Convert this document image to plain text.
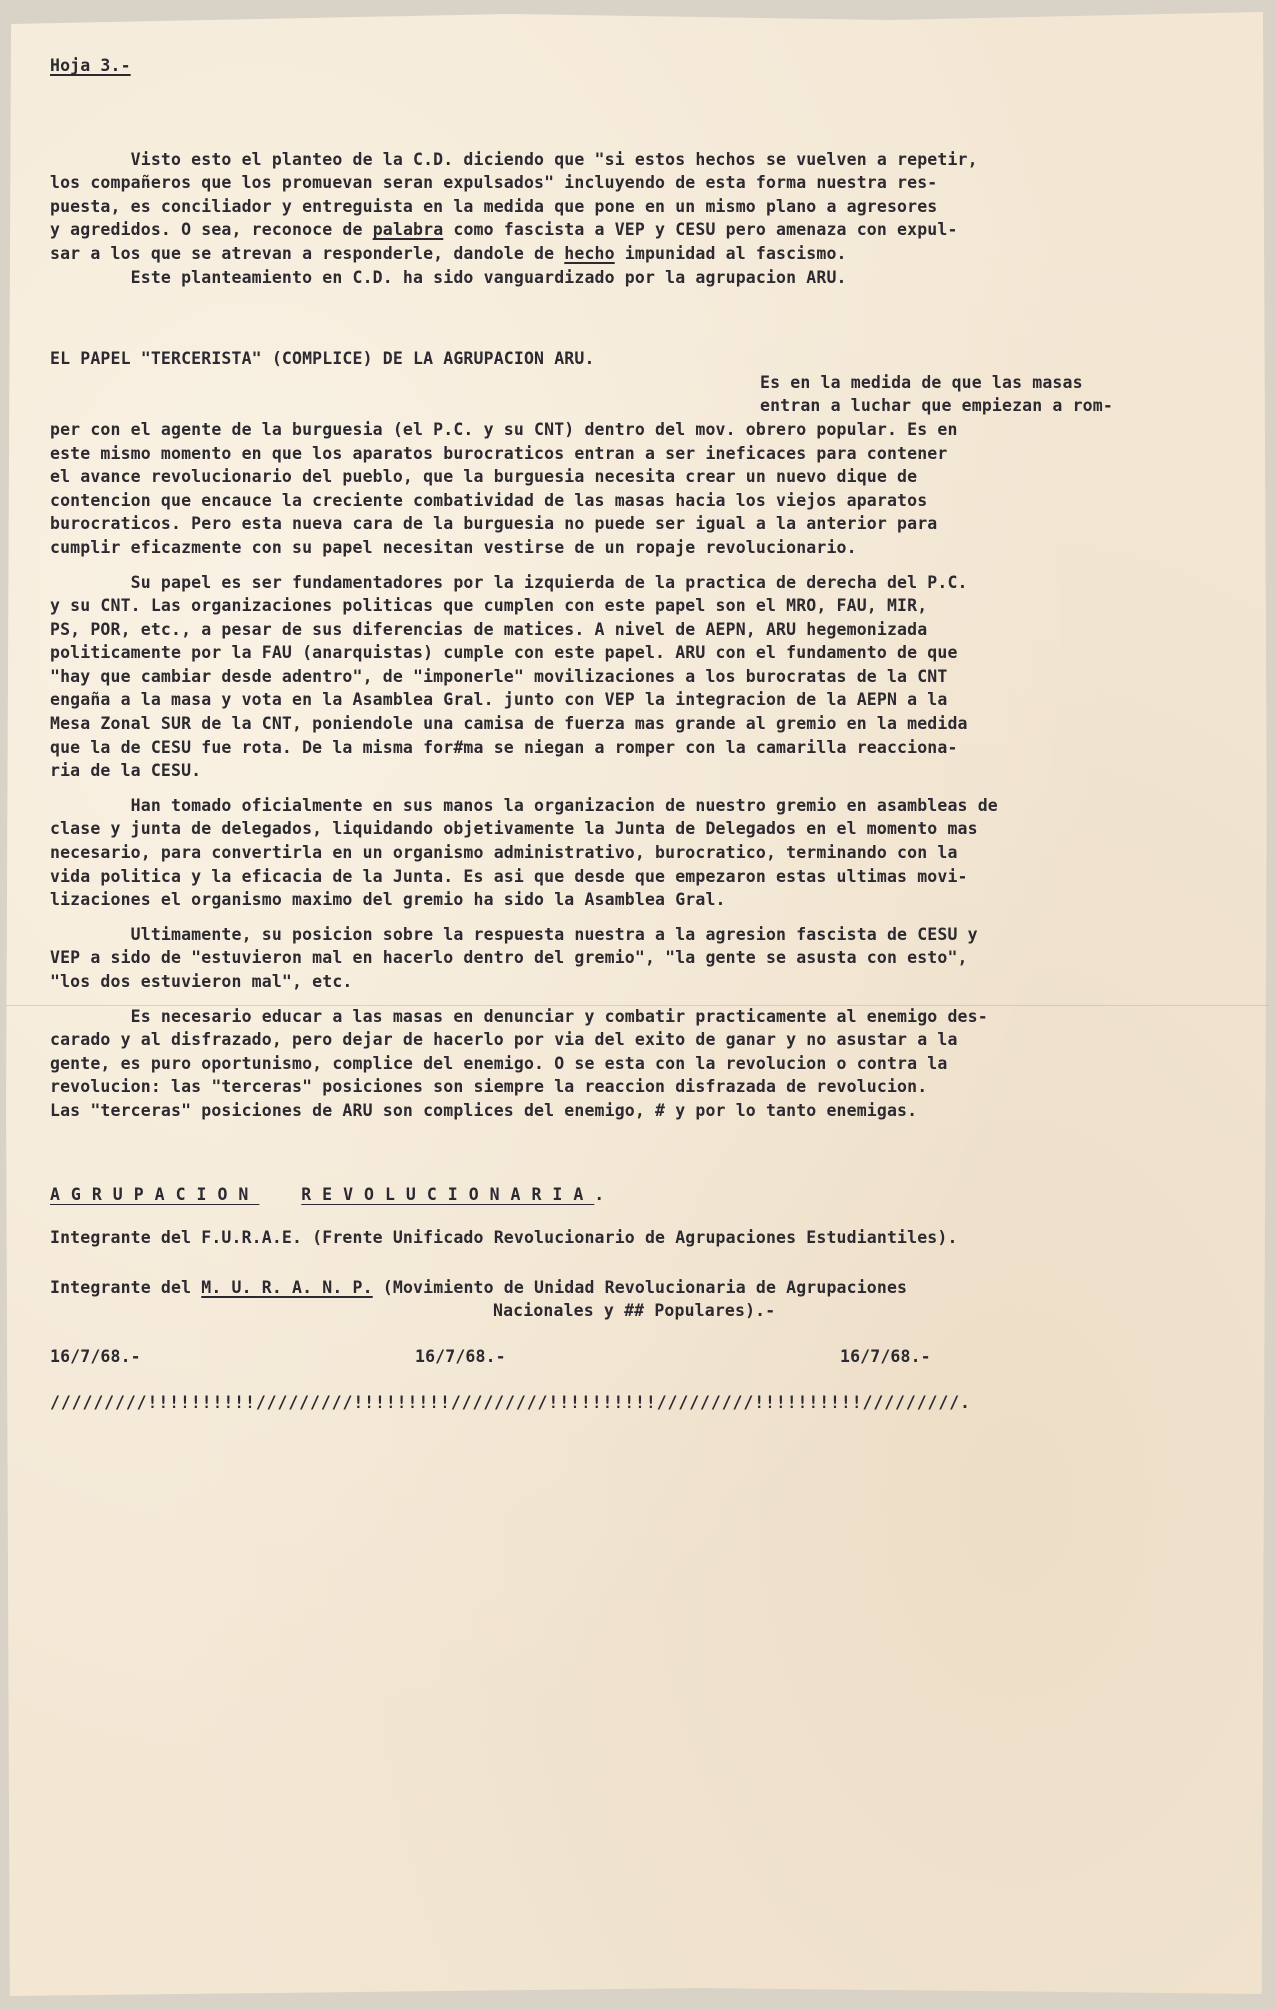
Hoja 3.-
Visto esto el planteo de la C.D. diciendo que "si estos hechos se vuelven a repetir,
los compañeros que los promuevan seran expulsados" incluyendo de esta forma nuestra res-
puesta, es conciliador y entreguista en la medida que pone en un mismo plano a agresores
y agredidos. O sea, reconoce de palabra como fascista a VEP y CESU pero amenaza con expul-
sar a los que se atrevan a responderle, dandole de hecho impunidad al fascismo.
Este planteamiento en C.D. ha sido vanguardizado por la agrupacion ARU.
EL PAPEL "TERCERISTA" (COMPLICE) DE LA AGRUPACION ARU.
Es en la medida de que las masas
entran a luchar que empiezan a rom-
per con el agente de la burguesia (el P.C. y su CNT) dentro del mov. obrero popular. Es en
este mismo momento en que los aparatos burocraticos entran a ser ineficaces para contener
el avance revolucionario del pueblo, que la burguesia necesita crear un nuevo dique de
contencion que encauce la creciente combatividad de las masas hacia los viejos aparatos
burocraticos. Pero esta nueva cara de la burguesia no puede ser igual a la anterior para
cumplir eficazmente con su papel necesitan vestirse de un ropaje revolucionario.
Su papel es ser fundamentadores por la izquierda de la practica de derecha del P.C.
y su CNT. Las organizaciones politicas que cumplen con este papel son el MRO, FAU, MIR,
PS, POR, etc., a pesar de sus diferencias de matices. A nivel de AEPN, ARU hegemonizada
politicamente por la FAU (anarquistas) cumple con este papel. ARU con el fundamento de que
"hay que cambiar desde adentro", de "imponerle" movilizaciones a los burocratas de la CNT
engaña a la masa y vota en la Asamblea Gral. junto con VEP la integracion de la AEPN a la
Mesa Zonal SUR de la CNT, poniendole una camisa de fuerza mas grande al gremio en la medida
que la de CESU fue rota. De la misma for#ma se niegan a romper con la camarilla reacciona-
ria de la CESU.
Han tomado oficialmente en sus manos la organizacion de nuestro gremio en asambleas de
clase y junta de delegados, liquidando objetivamente la Junta de Delegados en el momento mas
necesario, para convertirla en un organismo administrativo, burocratico, terminando con la
vida politica y la eficacia de la Junta. Es asi que desde que empezaron estas ultimas movi-
lizaciones el organismo maximo del gremio ha sido la Asamblea Gral.
Ultimamente, su posicion sobre la respuesta nuestra a la agresion fascista de CESU y
VEP a sido de "estuvieron mal en hacerlo dentro del gremio", "la gente se asusta con esto",
"los dos estuvieron mal", etc.
Es necesario educar a las masas en denunciar y combatir practicamente al enemigo des-
carado y al disfrazado, pero dejar de hacerlo por via del exito de ganar y no asustar a la
gente, es puro oportunismo, complice del enemigo. O se esta con la revolucion o contra la
revolucion: las "terceras" posiciones son siempre la reaccion disfrazada de revolucion.
Las "terceras" posiciones de ARU son complices del enemigo, # y por lo tanto enemigas.
AGRUPACION	REVOLUCIONARIA.
Integrante del F.U.R.A.E. (Frente Unificado Revolucionario de Agrupaciones Estudiantiles).
Integrante del M. U. R. A. N. P. (Movimiento de Unidad Revolucionaria de Agrupaciones
Nacionales y ## Populares).-
16/7/68.-	16/7/68.-	16/7/68.-
/////////!!!!!!!!!!/////////!!!!!!!!!/////////!!!!!!!!!!/////////!!!!!!!!!!/////////.
